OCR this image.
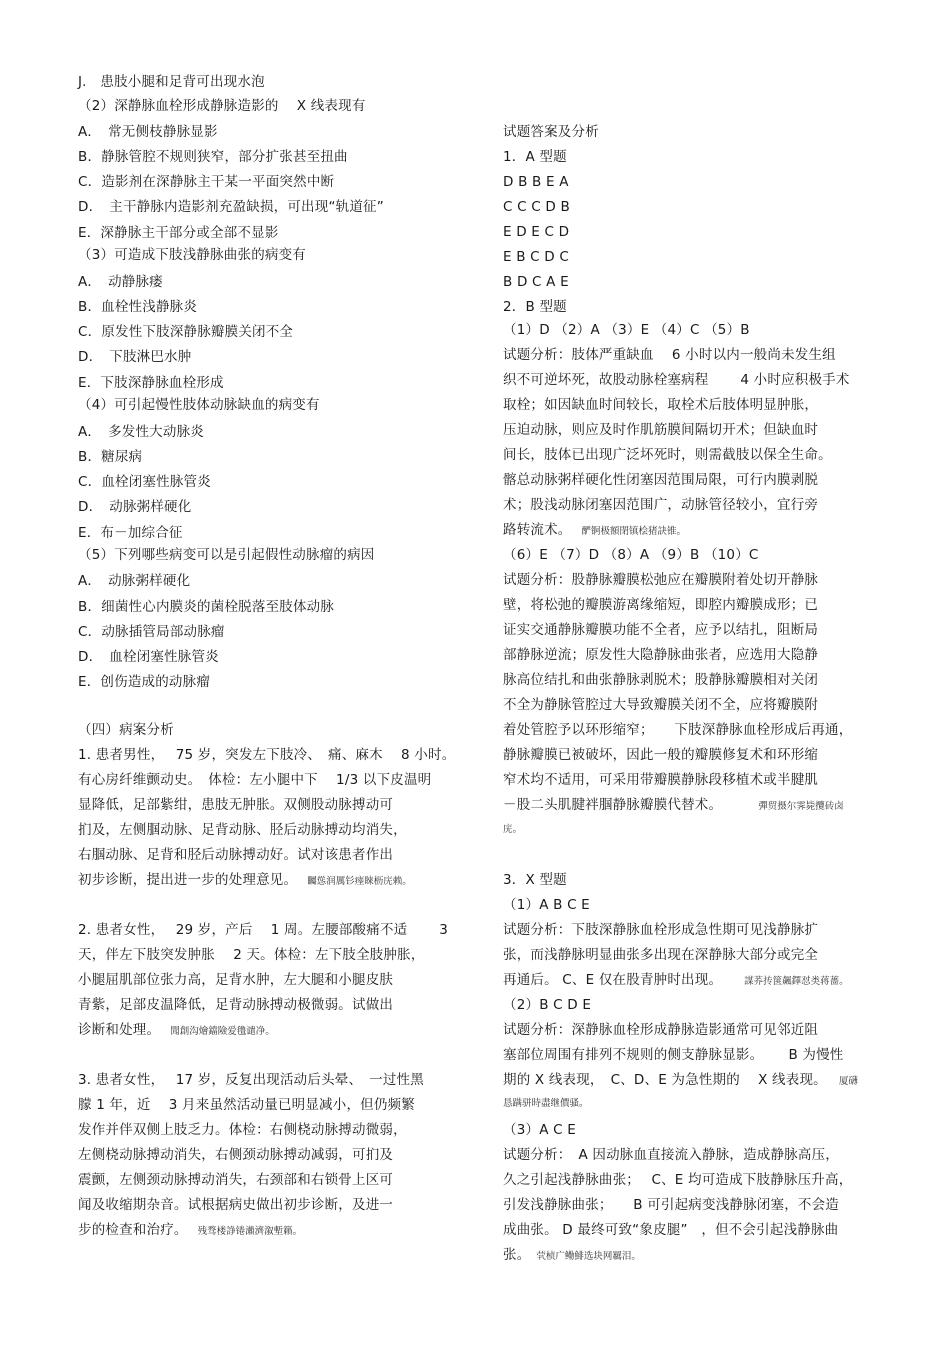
J.　患肢小腿和足背可出现水泡
（2）深静脉血栓形成静脉造影的　 X 线表现有
A．　常无侧枝静脉显影
B．静脉管腔不规则狭窄，部分扩张甚至扭曲
C．造影剂在深静脉主干某一平面突然中断
D．　主干静脉内造影剂充盈缺损，可出现“轨道征”
E．深静脉主干部分或全部不显影
（3）可造成下肢浅静脉曲张的病变有
A．　动静脉瘘
B．血栓性浅静脉炎
C．原发性下肢深静脉瓣膜关闭不全
D．　下肢淋巴水肿
E．下肢深静脉血栓形成
（4）可引起慢性肢体动脉缺血的病变有
A．　多发性大动脉炎
B．糖尿病
C．血栓闭塞性脉管炎
D．　动脉粥样硬化
E．布－加综合征
（5）下列哪些病变可以是引起假性动脉瘤的病因
A．　动脉粥样硬化
B．细菌性心内膜炎的菌栓脱落至肢体动脉
C．动脉插管局部动脉瘤
D．　血栓闭塞性脉管炎
E．创伤造成的动脉瘤
（四）病案分析
1. 患者男性，　 75 岁，突发左下肢冷、　痛、麻木　 8 小时。
有心房纤维颤动史。　体检：左小腿中下　 1/3 以下皮温明
显降低，足部紫绀，患肢无肿胀。双侧股动脉搏动可
扪及，左侧腘动脉、足背动脉、胫后动脉搏动均消失，
右腘动脉、足背和胫后动脉搏动好。试对该患者作出
初步诊断，提出进一步的处理意见。 矚慫润厲钐瘗睞枥庑赖。
2. 患者女性，　 29 岁，产后　 1 周。左腰部酸痛不适　　 3
天，伴左下肢突发肿胀　 2 天。体检：左下肢全肢肿胀，
小腿屈肌部位张力高，足背水肿，左大腿和小腿皮肤
青紫，足部皮温降低，足背动脉搏动极微弱。试做出
诊断和处理。 聞創沟燴鐺險爱氇谴净。
3. 患者女性，　 17 岁，反复出现活动后头晕、　一过性黑
朦 1 年，近　 3 月来虽然活动量已明显减小，但仍频繁
发作并伴双侧上肢乏力。体检：右侧桡动脉搏动微弱，
左侧桡动脉搏动消失，右侧颈动脉搏动减弱，可扪及
震颤，左侧颈动脉搏动消失，右颈部和右锁骨上区可
闻及收缩期杂音。试根据病史做出初步诊断，及进一
步的检查和治疗。 残骛楼諍锩瀨濟溆塹籟。
试题答案及分析
1．A 型题
D B B E A
C C C D B
E D E C D
E B C D C
B D C A E
2．B 型题
（1）D （2）A （3）E （4）C （5）B
试题分析：肢体严重缺血　 6 小时以内一般尚未发生组
织不可逆坏死，故股动脉栓塞病程　　 4 小时应积极手术
取栓；如因缺血时间较长，取栓术后肢体明显肿胀，
压迫动脉，则应及时作肌筋膜间隔切开术；但缺血时
间长，肢体已出现广泛坏死时，则需截肢以保全生命。
髂总动脉粥样硬化性闭塞因范围局限，可行内膜剥脱
术；股浅动脉闭塞因范围广，动脉管径较小，宜行旁
路转流术。 酽锕极額閉镇桧猪訣锥。
（6）E （7）D （8）A （9）B （10）C
试题分析：股静脉瓣膜松弛应在瓣膜附着处切开静脉
壁，将松弛的瓣膜游离缘缩短，即腔内瓣膜成形；已
证实交通静脉瓣膜功能不全者，应予以结扎，阻断局
部静脉逆流；原发性大隐静脉曲张者，应选用大隐静
脉高位结扎和曲张静脉剥脱术；股静脉瓣膜相对关闭
不全为静脉管腔过大导致瓣膜关闭不全，应将瓣膜附
着处管腔予以环形缩窄；　　下肢深静脉血栓形成后再通，
静脉瓣膜已被破坏，因此一般的瓣膜修复术和环形缩
窄术均不适用，可采用带瓣膜静脉段移植术或半腱肌
－股二头肌腱袢腘静脉瓣膜代替术。	彈贸摄尔霁毙攬砖卤
庑。
3．X 型题
（1）A B C E
试题分析：下肢深静脉血栓形成急性期可见浅静脉扩
张，而浅静脉明显曲张多出现在深静脉大部分或完全
再通后。 C、E 仅在股青肿时出现。 謀荞抟箧飆鐸怼类蒋薔。
（2）B C D E
试题分析：深静脉血栓形成静脉造影通常可见邻近阻
塞部位周围有排列不规则的侧支静脉显影。　　 B 为慢性
期的 X 线表现，　C、D、E 为急性期的　 X 线表现。 厦礴
恳蹒骈時盡继價骚。
（3）A C E
试题分析：　A 因动脉血直接流入静脉，造成静脉高压，
久之引起浅静脉曲张；　 C、E 均可造成下肢静脉压升高，
引发浅静脉曲张；　　B 可引起病变浅静脉闭塞，不会造
成曲张。 D 最终可致“象皮腿”　，但不会引起浅静脉曲
张。 茕桢广鳓鯡选块网羈泪。
